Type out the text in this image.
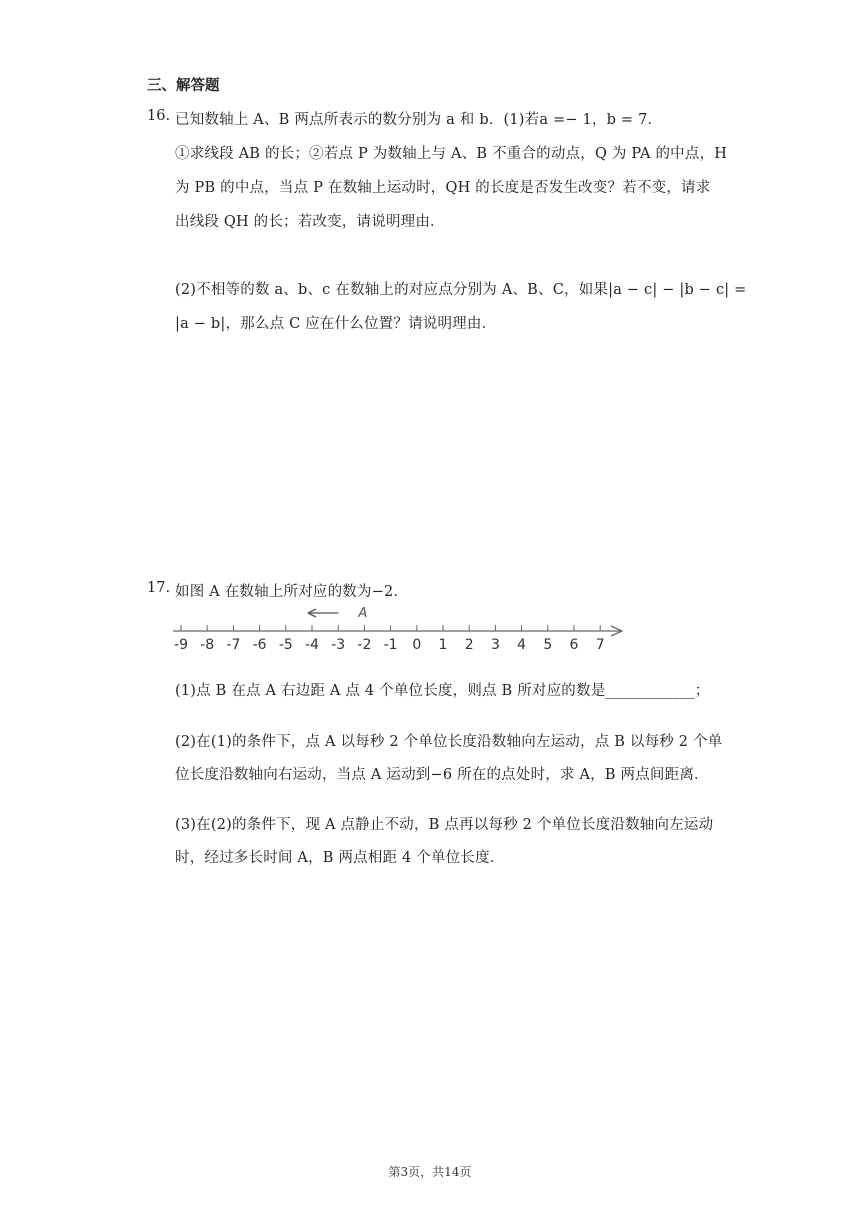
三、解答题
16. 已知数轴上 A、B 两点所表示的数分别为 a 和 b．(1)若a =− 1，b = 7．
①求线段 AB 的长；②若点 P 为数轴上与 A、B 不重合的动点，Q 为 PA 的中点，H
为 PB 的中点，当点 P 在数轴上运动时，QH 的长度是否发生改变？若不变，请求
出线段 QH 的长；若改变，请说明理由．
(2)不相等的数 a、b、c 在数轴上的对应点分别为 A、B、C，如果|a − c| − |b − c| =
|a − b|，那么点 C 应在什么位置？请说明理由．
17. 如图 A 在数轴上所对应的数为−2．
A
-9 -8 -7 -6 -5 -4 -3 -2 -1 0 1 2 3 4 5 6 7
(1)点 B 在点 A 右边距 A 点 4 个单位长度，则点 B 所对应的数是____________；
(2)在(1)的条件下，点 A 以每秒 2 个单位长度沿数轴向左运动，点 B 以每秒 2 个单
位长度沿数轴向右运动，当点 A 运动到−6 所在的点处时，求 A，B 两点间距离．
(3)在(2)的条件下，现 A 点静止不动，B 点再以每秒 2 个单位长度沿数轴向左运动
时，经过多长时间 A，B 两点相距 4 个单位长度．
第3页，共14页
